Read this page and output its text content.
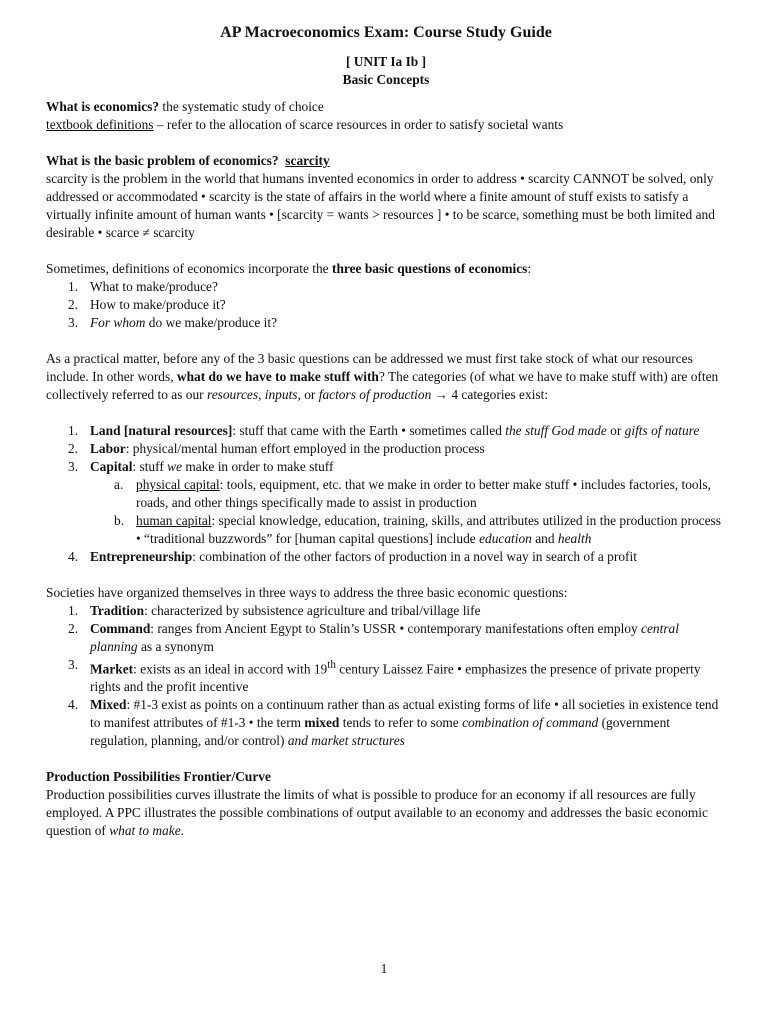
AP Macroeconomics Exam: Course Study Guide

[ UNIT Ia Ib ]

Basic Concepts

What is economics? the systematic study of choice

textbook definitions – refer to the allocation of scarce resources in order to satisfy societal wants

What is the basic problem of economics? scarcity

scarcity is the problem in the world that humans invented economics in order to address • scarcity CANNOT be solved, only addressed or accommodated • scarcity is the state of affairs in the world where a finite amount of stuff exists to satisfy a virtually infinite amount of human wants • [scarcity = wants > resources ] • to be scarce, something must be both limited and desirable • scarce ≠ scarcity

Sometimes, definitions of economics incorporate the three basic questions of economics:

1. What to make/produce?
2. How to make/produce it?
3. For whom do we make/produce it?

As a practical matter, before any of the 3 basic questions can be addressed we must first take stock of what our resources include. In other words, what do we have to make stuff with? The categories (of what we have to make stuff with) are often collectively referred to as our resources, inputs, or factors of production → 4 categories exist:

1. Land [natural resources]: stuff that came with the Earth • sometimes called the stuff God made or gifts of nature
2. Labor: physical/mental human effort employed in the production process
3. Capital: stuff we make in order to make stuff
a. physical capital: tools, equipment, etc. that we make in order to better make stuff • includes factories, tools, roads, and other things specifically made to assist in production
b. human capital: special knowledge, education, training, skills, and attributes utilized in the production process • “traditional buzzwords” for [human capital questions] include education and health
4. Entrepreneurship: combination of the other factors of production in a novel way in search of a profit

Societies have organized themselves in three ways to address the three basic economic questions:

1. Tradition: characterized by subsistence agriculture and tribal/village life
2. Command: ranges from Ancient Egypt to Stalin’s USSR • contemporary manifestations often employ central planning as a synonym
3. Market: exists as an ideal in accord with 19th century Laissez Faire • emphasizes the presence of private property rights and the profit incentive
4. Mixed: #1-3 exist as points on a continuum rather than as actual existing forms of life • all societies in existence tend to manifest attributes of #1-3 • the term mixed tends to refer to some combination of command (government regulation, planning, and/or control) and market structures

Production Possibilities Frontier/Curve

Production possibilities curves illustrate the limits of what is possible to produce for an economy if all resources are fully employed. A PPC illustrates the possible combinations of output available to an economy and addresses the basic economic question of what to make.

1
